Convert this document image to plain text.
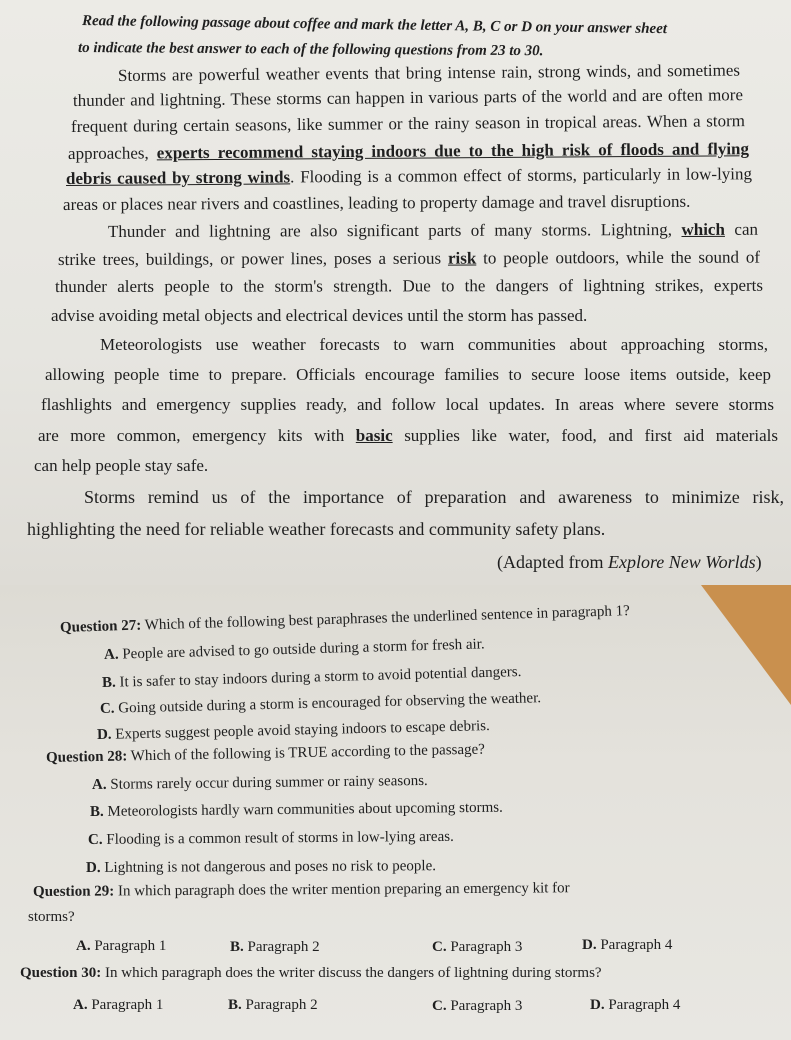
Read the following passage about coffee and mark the letter A, B, C or D on your answer sheet
to indicate the best answer to each of the following questions from 23 to 30.
Storms are powerful weather events that bring intense rain, strong winds, and sometimes
thunder and lightning. These storms can happen in various parts of the world and are often more
frequent during certain seasons, like summer or the rainy season in tropical areas. When a storm
approaches, experts recommend staying indoors due to the high risk of floods and flying
debris caused by strong winds. Flooding is a common effect of storms, particularly in low-lying
areas or places near rivers and coastlines, leading to property damage and travel disruptions.
Thunder and lightning are also significant parts of many storms. Lightning, which can
strike trees, buildings, or power lines, poses a serious risk to people outdoors, while the sound of
thunder alerts people to the storm's strength. Due to the dangers of lightning strikes, experts
advise avoiding metal objects and electrical devices until the storm has passed.
Meteorologists use weather forecasts to warn communities about approaching storms,
allowing people time to prepare. Officials encourage families to secure loose items outside, keep
flashlights and emergency supplies ready, and follow local updates. In areas where severe storms
are more common, emergency kits with basic supplies like water, food, and first aid materials
can help people stay safe.
Storms remind us of the importance of preparation and awareness to minimize risk,
highlighting the need for reliable weather forecasts and community safety plans.
(Adapted from Explore New Worlds)
Question 27: Which of the following best paraphrases the underlined sentence in paragraph 1?
A. People are advised to go outside during a storm for fresh air.
B. It is safer to stay indoors during a storm to avoid potential dangers.
C. Going outside during a storm is encouraged for observing the weather.
D. Experts suggest people avoid staying indoors to escape debris.
Question 28: Which of the following is TRUE according to the passage?
A. Storms rarely occur during summer or rainy seasons.
B. Meteorologists hardly warn communities about upcoming storms.
C. Flooding is a common result of storms in low-lying areas.
D. Lightning is not dangerous and poses no risk to people.
Question 29: In which paragraph does the writer mention preparing an emergency kit for
storms?
A. Paragraph 1	B. Paragraph 2	C. Paragraph 3	D. Paragraph 4
Question 30: In which paragraph does the writer discuss the dangers of lightning during storms?
A. Paragraph 1	B. Paragraph 2	C. Paragraph 3	D. Paragraph 4
